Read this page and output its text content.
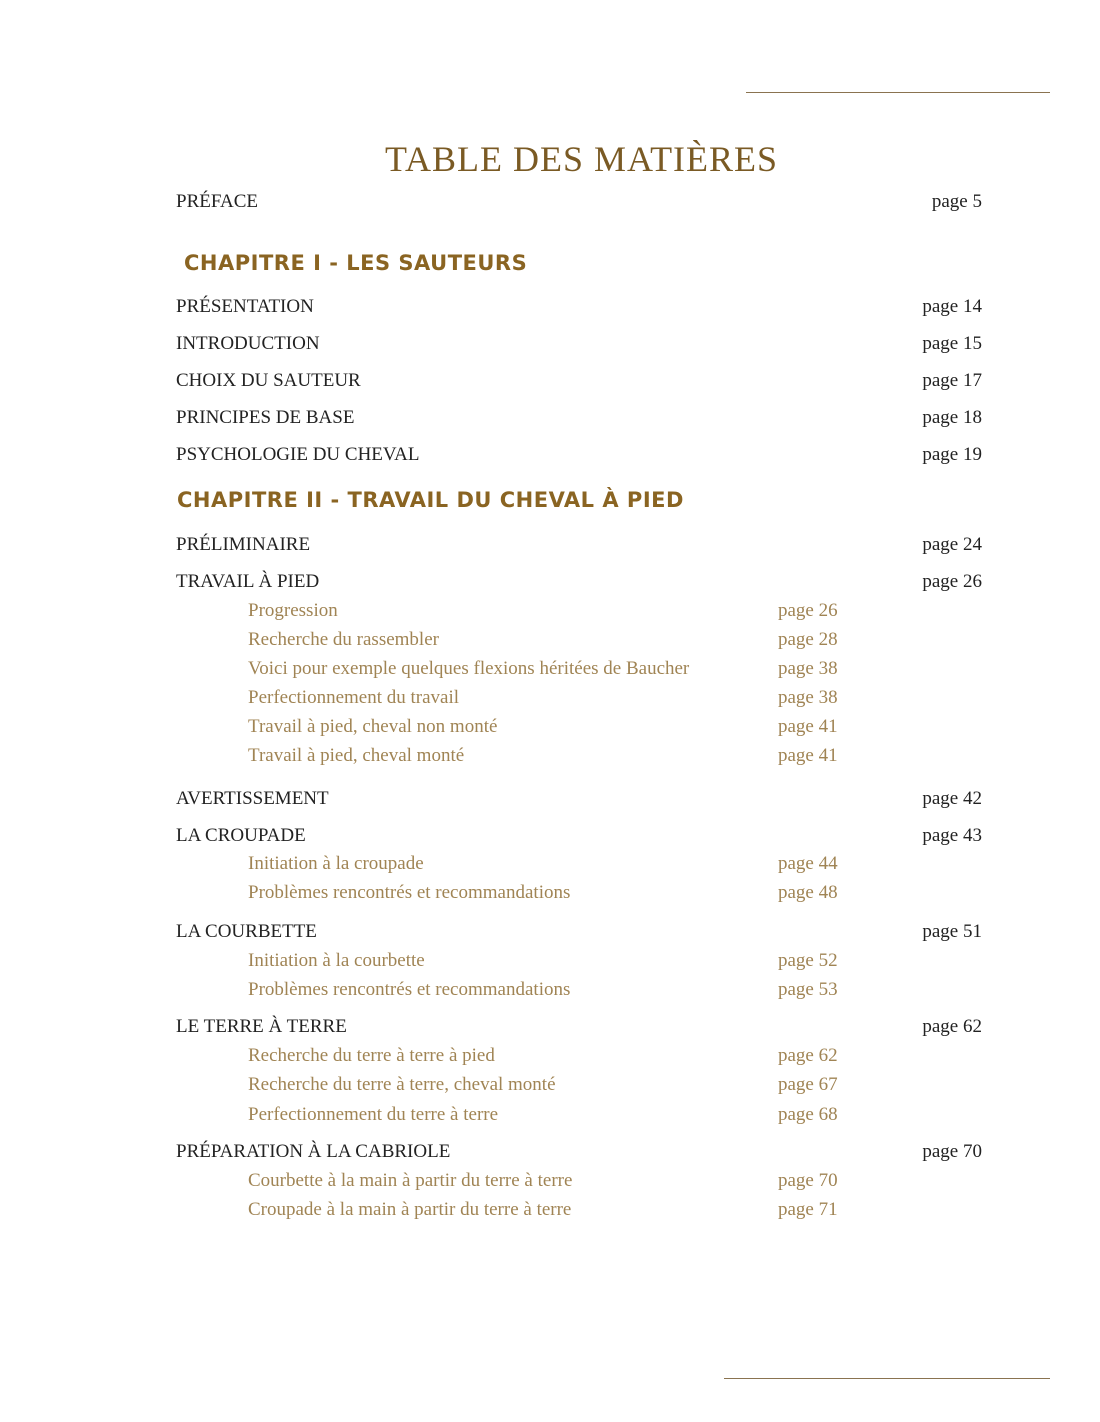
TABLE DES MATIÈRES
PRÉFACE	page 5
CHAPITRE I - LES SAUTEURS
PRÉSENTATION	page 14
INTRODUCTION	page 15
CHOIX DU SAUTEUR	page 17
PRINCIPES DE BASE	page 18
PSYCHOLOGIE DU CHEVAL	page 19
CHAPITRE II - TRAVAIL DU CHEVAL À PIED
PRÉLIMINAIRE	page 24
TRAVAIL À PIED	page 26
Progression	page 26
Recherche du rassembler	page 28
Voici pour exemple quelques flexions héritées de Baucher	page 38
Perfectionnement du travail	page 38
Travail à pied, cheval non monté	page 41
Travail à pied, cheval monté	page 41
AVERTISSEMENT	page 42
LA CROUPADE	page 43
Initiation à la croupade	page 44
Problèmes rencontrés et recommandations	page 48
LA COURBETTE	page 51
Initiation à la courbette	page 52
Problèmes rencontrés et recommandations	page 53
LE TERRE À TERRE	page 62
Recherche du terre à terre à pied	page 62
Recherche du terre à terre, cheval monté	page 67
Perfectionnement du terre à terre	page 68
PRÉPARATION À LA CABRIOLE	page 70
Courbette à la main à partir du terre à terre	page 70
Croupade à la main à partir du terre à terre	page 71
